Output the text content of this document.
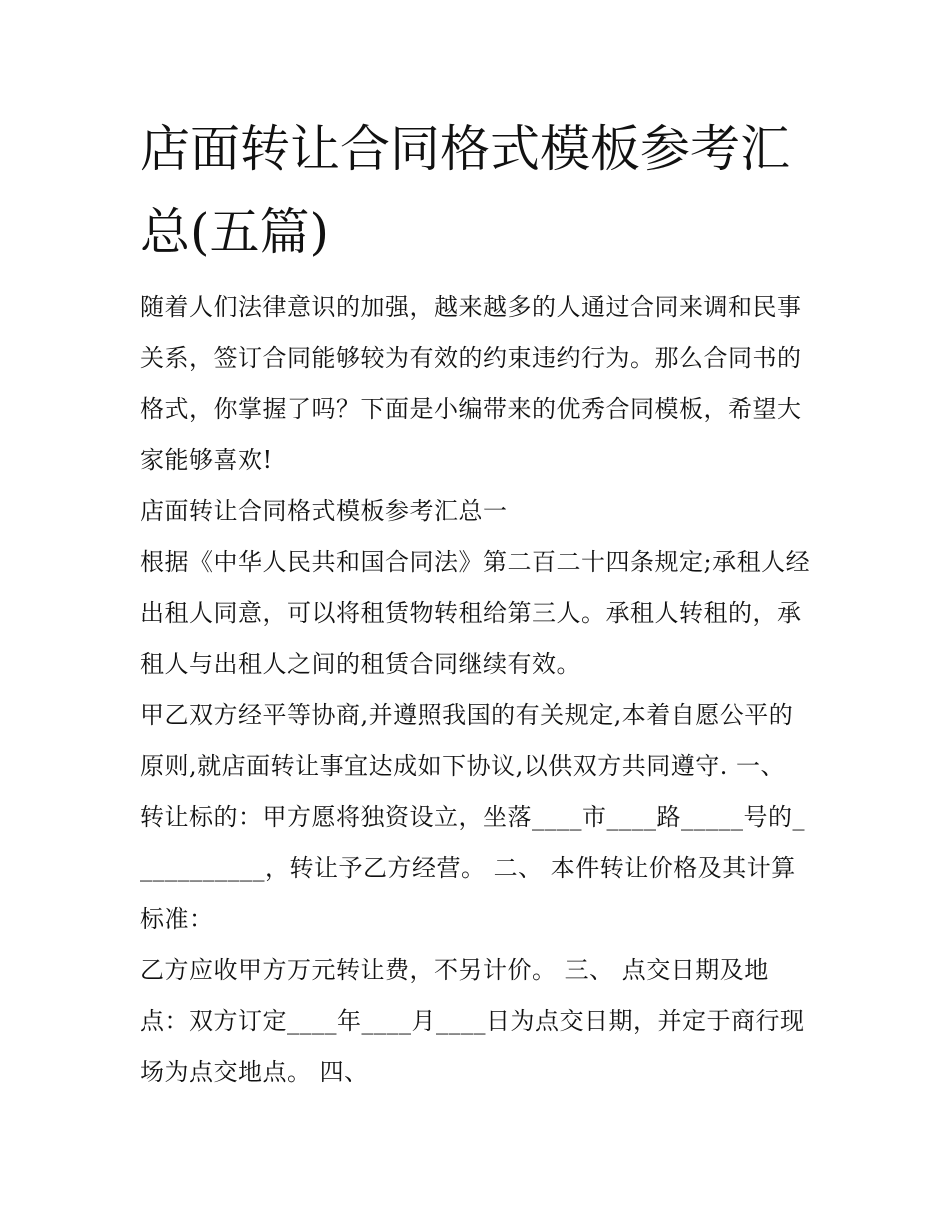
店面转让合同格式模板参考汇总(五篇)

随着人们法律意识的加强，越来越多的人通过合同来调和民事关系，签订合同能够较为有效的约束违约行为。那么合同书的格式，你掌握了吗？下面是小编带来的优秀合同模板，希望大家能够喜欢!

店面转让合同格式模板参考汇总一

根据《中华人民共和国合同法》第二百二十四条规定;承租人经出租人同意，可以将租赁物转租给第三人。承租人转租的，承租人与出租人之间的租赁合同继续有效。

甲乙双方经平等协商,并遵照我国的有关规定,本着自愿公平的原则,就店面转让事宜达成如下协议,以供双方共同遵守. 一、 转让标的：甲方愿将独资设立，坐落____市____路_____号的___________，转让予乙方经营。 二、 本件转让价格及其计算标准：

乙方应收甲方万元转让费，不另计价。 三、 点交日期及地点：双方订定____年____月____日为点交日期，并定于商行现场为点交地点。 四、
